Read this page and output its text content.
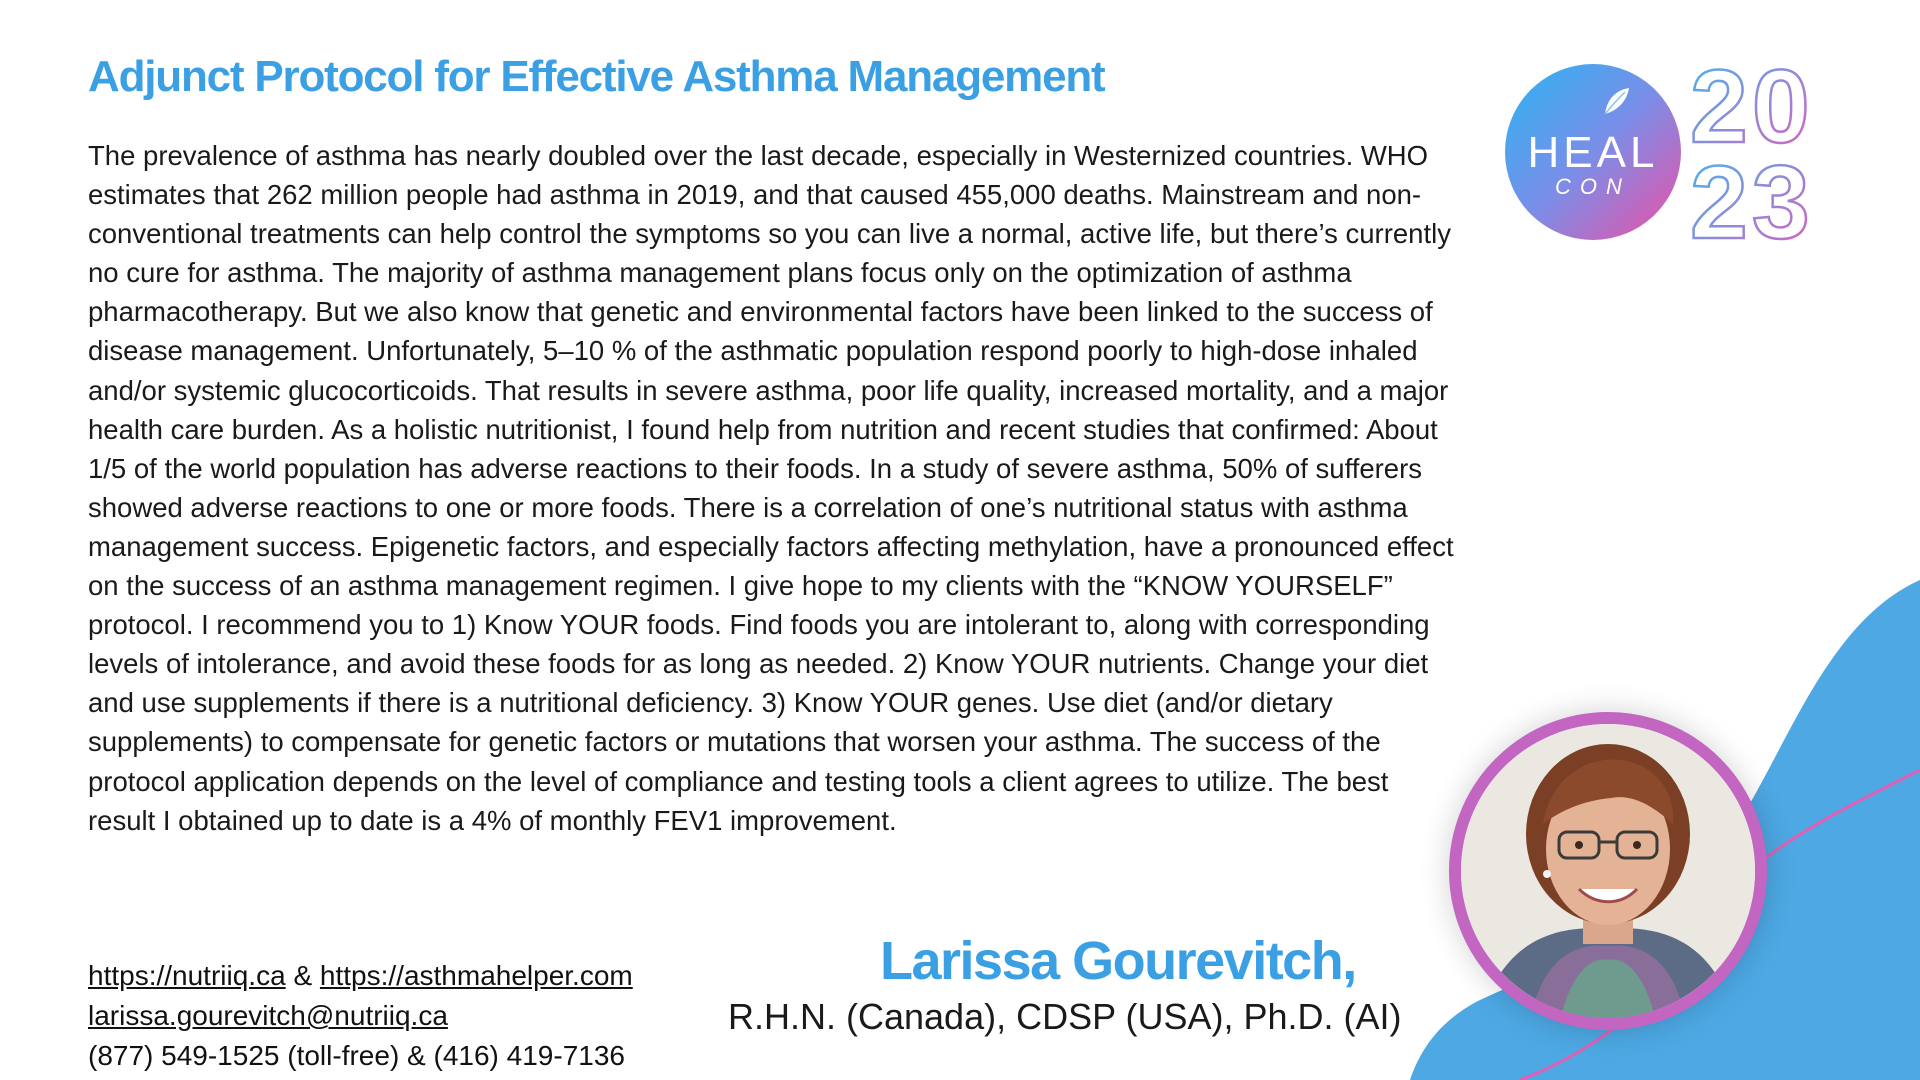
Adjunct Protocol for Effective Asthma Management

The prevalence of asthma has nearly doubled over the last decade, especially in Westernized countries. WHO estimates that 262 million people had asthma in 2019, and that caused 455,000 deaths. Mainstream and non-conventional treatments can help control the symptoms so you can live a normal, active life, but there’s currently no cure for asthma. The majority of asthma management plans focus only on the optimization of asthma pharmacotherapy. But we also know that genetic and environmental factors have been linked to the success of disease management. Unfortunately, 5–10 % of the asthmatic population respond poorly to high-dose inhaled and/or systemic glucocorticoids. That results in severe asthma, poor life quality, increased mortality, and a major health care burden. As a holistic nutritionist, I found help from nutrition and recent studies that confirmed: About 1/5 of the world population has adverse reactions to their foods. In a study of severe asthma, 50% of sufferers showed adverse reactions to one or more foods. There is a correlation of one’s nutritional status with asthma management success. Epigenetic factors, and especially factors affecting methylation, have a pronounced effect on the success of an asthma management regimen. I give hope to my clients with the “KNOW YOURSELF” protocol. I recommend you to 1) Know YOUR foods. Find foods you are intolerant to, along with corresponding levels of intolerance, and avoid these foods for as long as needed. 2) Know YOUR nutrients. Change your diet and use supplements if there is a nutritional deficiency. 3) Know YOUR genes. Use diet (and/or dietary supplements) to compensate for genetic factors or mutations that worsen your asthma. The success of the protocol application depends on the level of compliance and testing tools a client agrees to utilize. The best result I obtained up to date is a 4% of monthly FEV1 improvement.

https://nutriiq.ca & https://asthmahelper.com
larissa.gourevitch@nutriiq.ca
(877) 549-1525 (toll-free) & (416) 419-7136
Larissa Gourevitch,
R.H.N. (Canada), CDSP (USA), Ph.D. (AI)
HEAL
CON
20
23
